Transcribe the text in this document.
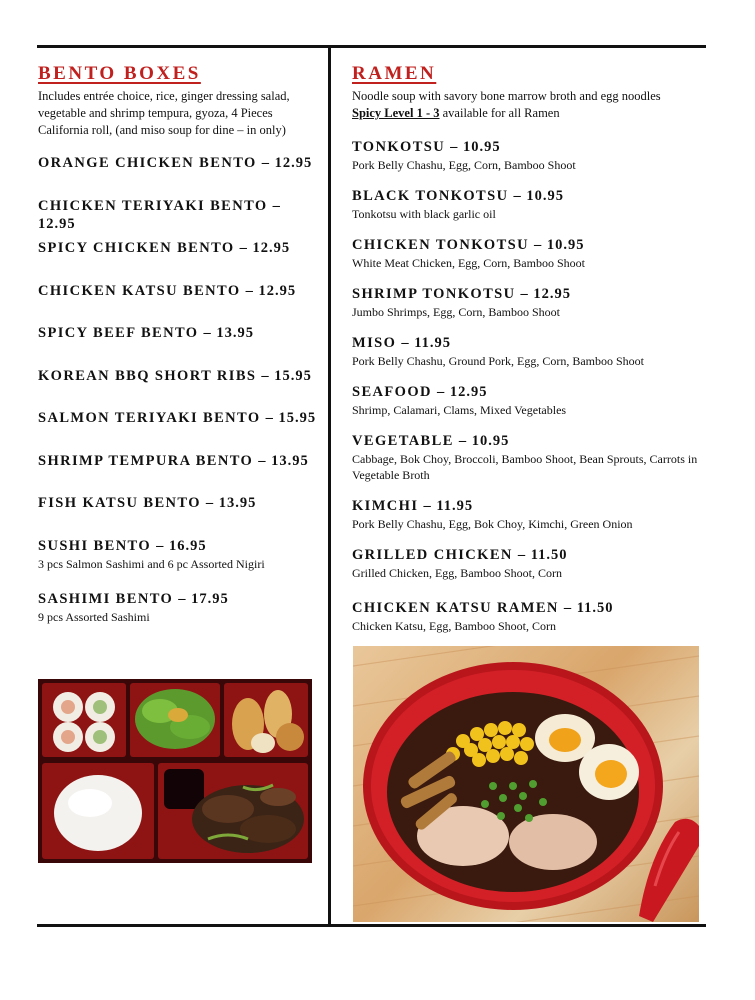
BENTO BOXES

Includes entrée choice, rice, ginger dressing salad, vegetable and shrimp tempura, gyoza, 4 Pieces California roll, (and miso soup for dine – in only)

ORANGE CHICKEN BENTO – 12.95
CHICKEN TERIYAKI BENTO – 12.95
SPICY CHICKEN BENTO – 12.95
CHICKEN KATSU BENTO – 12.95
SPICY BEEF BENTO – 13.95
KOREAN BBQ SHORT RIBS – 15.95
SALMON TERIYAKI BENTO – 15.95
SHRIMP TEMPURA BENTO – 13.95
FISH KATSU BENTO – 13.95
SUSHI BENTO – 16.95
3 pcs Salmon Sashimi and 6 pc Assorted Nigiri
SASHIMI BENTO – 17.95
9 pcs Assorted Sashimi
RAMEN

Noodle soup with savory bone marrow broth and egg noodles
Spicy Level 1 - 3 available for all Ramen

TONKOTSU – 10.95
Pork Belly Chashu, Egg, Corn, Bamboo Shoot
BLACK TONKOTSU – 10.95
Tonkotsu with black garlic oil
CHICKEN TONKOTSU – 10.95
White Meat Chicken, Egg, Corn, Bamboo Shoot
SHRIMP TONKOTSU – 12.95
Jumbo Shrimps, Egg, Corn, Bamboo Shoot
MISO – 11.95
Pork Belly Chashu, Ground Pork, Egg, Corn, Bamboo Shoot
SEAFOOD – 12.95
Shrimp, Calamari, Clams, Mixed Vegetables
VEGETABLE – 10.95
Cabbage, Bok Choy, Broccoli, Bamboo Shoot, Bean Sprouts, Carrots in Vegetable Broth
KIMCHI – 11.95
Pork Belly Chashu, Egg, Bok Choy, Kimchi, Green Onion
GRILLED CHICKEN – 11.50
Grilled Chicken, Egg, Bamboo Shoot, Corn
CHICKEN KATSU RAMEN – 11.50
Chicken Katsu, Egg, Bamboo Shoot, Corn
